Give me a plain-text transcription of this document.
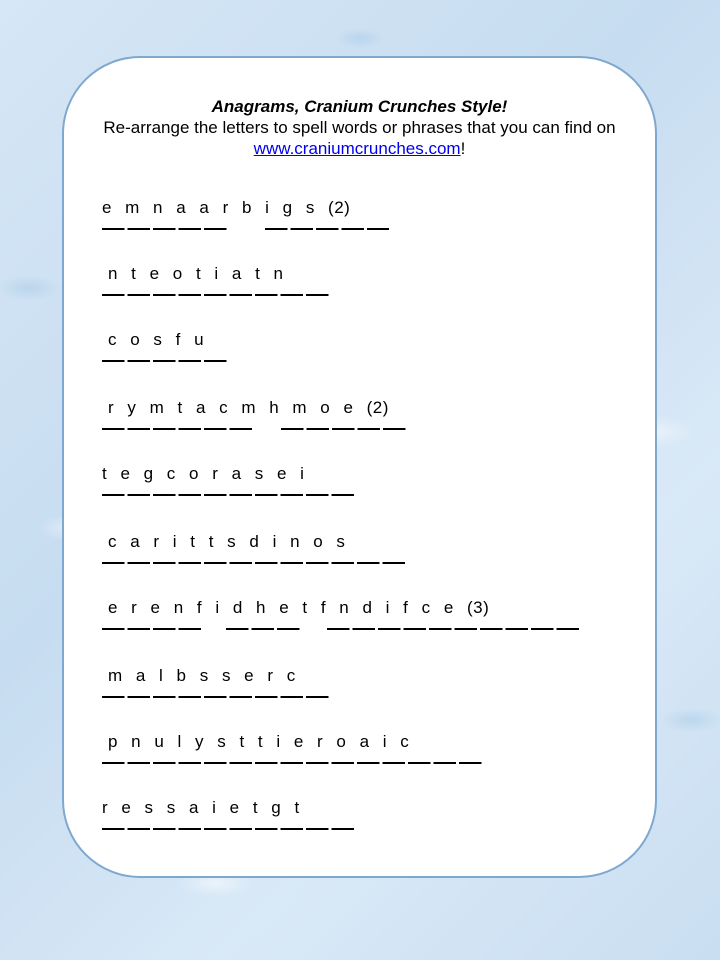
Anagrams, Cranium Crunches Style!
Re-arrange the letters to spell words or phrases that you can find on www.craniumcrunches.com!
e m n a a r b i g s (2)
n t e o t i a t n
c o s f u
r y m t a c m h m o e (2)
t e g c o r a s e i
c a r i t t s d i n o s
e r e n f i d h e t f n d i f c e (3)
m a l b s s e r c
p n u l y s t t i e r o a i c
r e s s a i e t g t
